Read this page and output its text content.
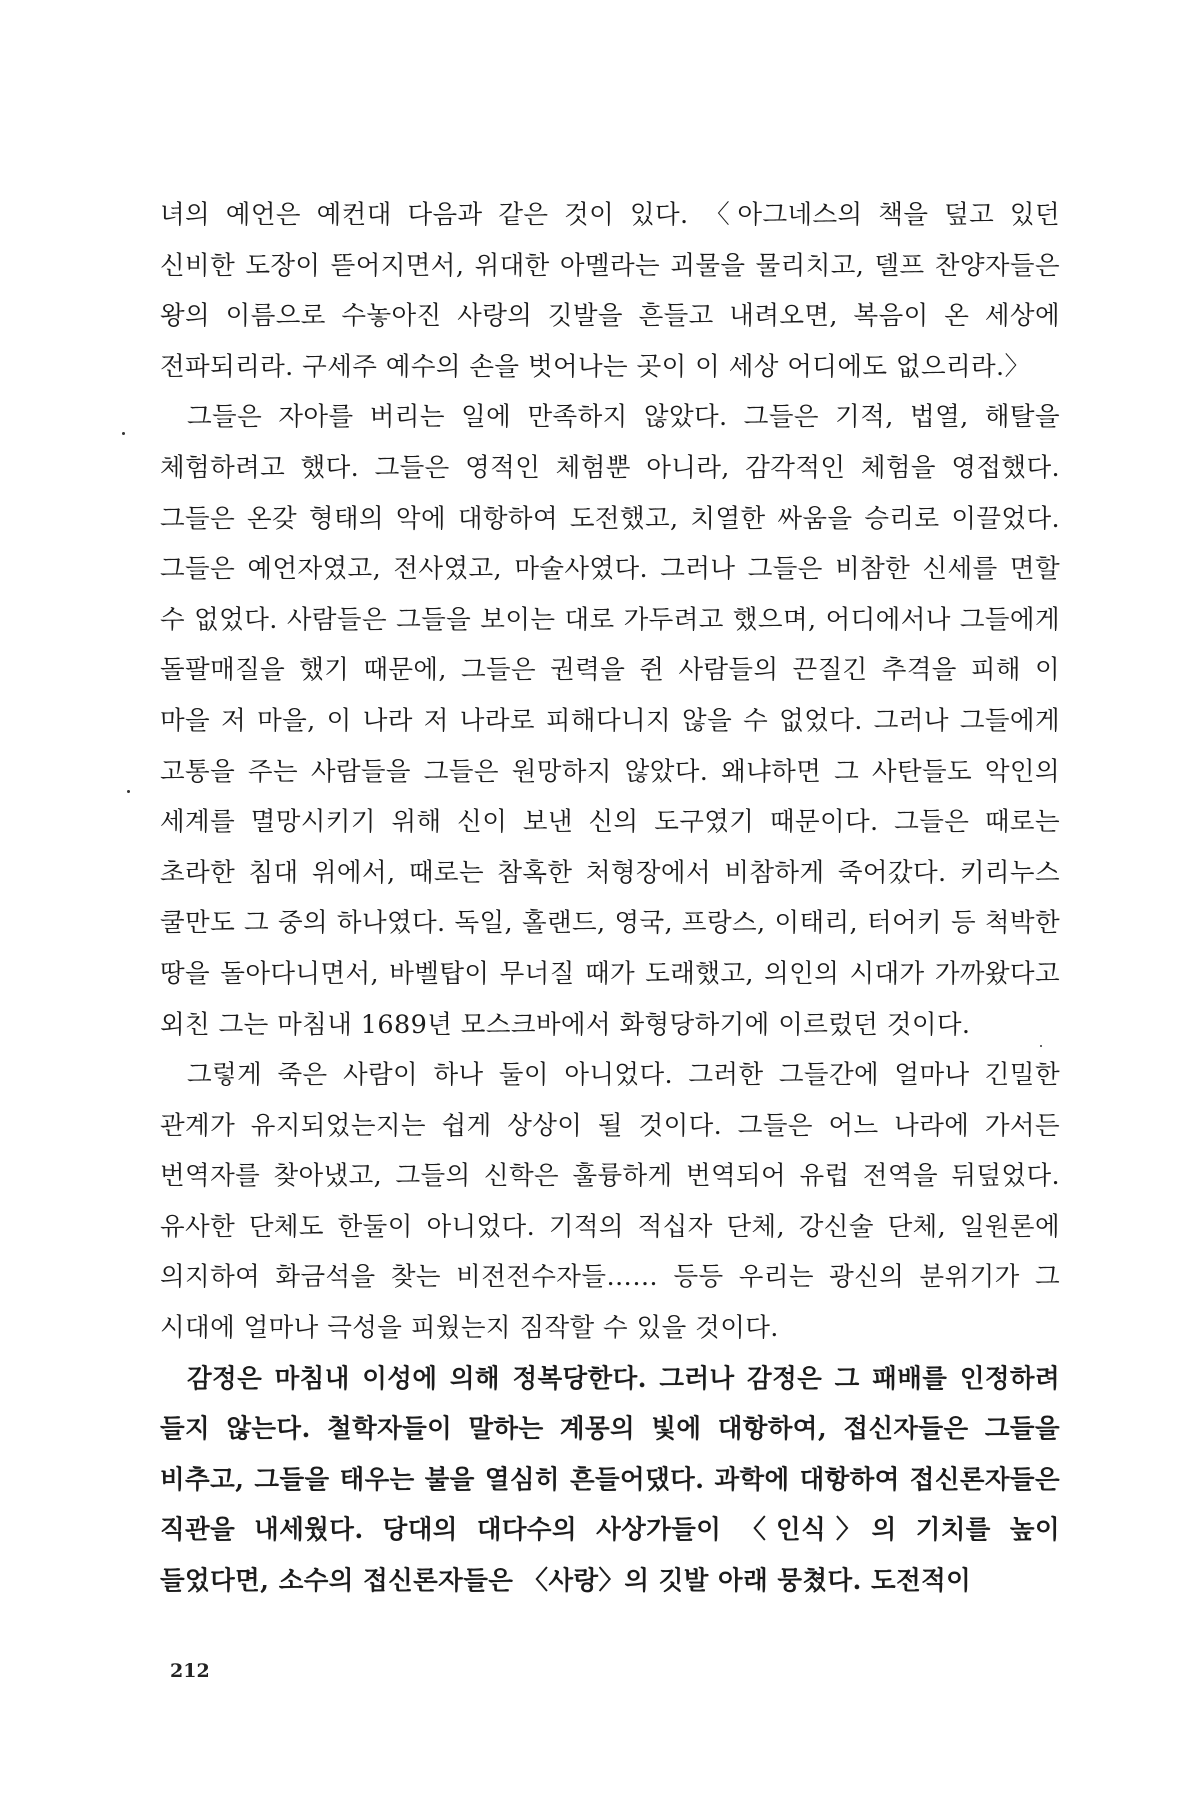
녀의 예언은 예컨대 다음과 같은 것이 있다. 〈아그네스의 책을 덮고 있던 신비한 도장이 뜯어지면서, 위대한 아멜라는 괴물을 물리치고, 델프 찬양자들은 왕의 이름으로 수놓아진 사랑의 깃발을 흔들고 내려오면, 복음이 온 세상에 전파되리라. 구세주 예수의 손을 벗어나는 곳이 이 세상 어디에도 없으리라.〉

그들은 자아를 버리는 일에 만족하지 않았다. 그들은 기적, 법열, 해탈을 체험하려고 했다. 그들은 영적인 체험뿐 아니라, 감각적인 체험을 영접했다. 그들은 온갖 형태의 악에 대항하여 도전했고, 치열한 싸움을 승리로 이끌었다. 그들은 예언자였고, 전사였고, 마술사였다. 그러나 그들은 비참한 신세를 면할 수 없었다. 사람들은 그들을 보이는 대로 가두려고 했으며, 어디에서나 그들에게 돌팔매질을 했기 때문에, 그들은 권력을 쥔 사람들의 끈질긴 추격을 피해 이 마을 저 마을, 이 나라 저 나라로 피해다니지 않을 수 없었다. 그러나 그들에게 고통을 주는 사람들을 그들은 원망하지 않았다. 왜냐하면 그 사탄들도 악인의 세계를 멸망시키기 위해 신이 보낸 신의 도구였기 때문이다. 그들은 때로는 초라한 침대 위에서, 때로는 참혹한 처형장에서 비참하게 죽어갔다. 키리누스 쿨만도 그 중의 하나였다. 독일, 홀랜드, 영국, 프랑스, 이태리, 터어키 등 척박한 땅을 돌아다니면서, 바벨탑이 무너질 때가 도래했고, 의인의 시대가 가까왔다고 외친 그는 마침내 1689년 모스크바에서 화형당하기에 이르렀던 것이다.

그렇게 죽은 사람이 하나 둘이 아니었다. 그러한 그들간에 얼마나 긴밀한 관계가 유지되었는지는 쉽게 상상이 될 것이다. 그들은 어느 나라에 가서든 번역자를 찾아냈고, 그들의 신학은 훌륭하게 번역되어 유럽 전역을 뒤덮었다. 유사한 단체도 한둘이 아니었다. 기적의 적십자 단체, 강신술 단체, 일원론에 의지하여 화금석을 찾는 비전전수자들…… 등등 우리는 광신의 분위기가 그 시대에 얼마나 극성을 피웠는지 짐작할 수 있을 것이다.

감정은 마침내 이성에 의해 정복당한다. 그러나 감정은 그 패배를 인정하려 들지 않는다. 철학자들이 말하는 계몽의 빛에 대항하여, 접신자들은 그들을 비추고, 그들을 태우는 불을 열심히 흔들어댔다. 과학에 대항하여 접신론자들은 직관을 내세웠다. 당대의 대다수의 사상가들이 〈인식〉의 기치를 높이 들었다면, 소수의 접신론자들은 〈사랑〉의 깃발 아래 뭉쳤다. 도전적이

212
